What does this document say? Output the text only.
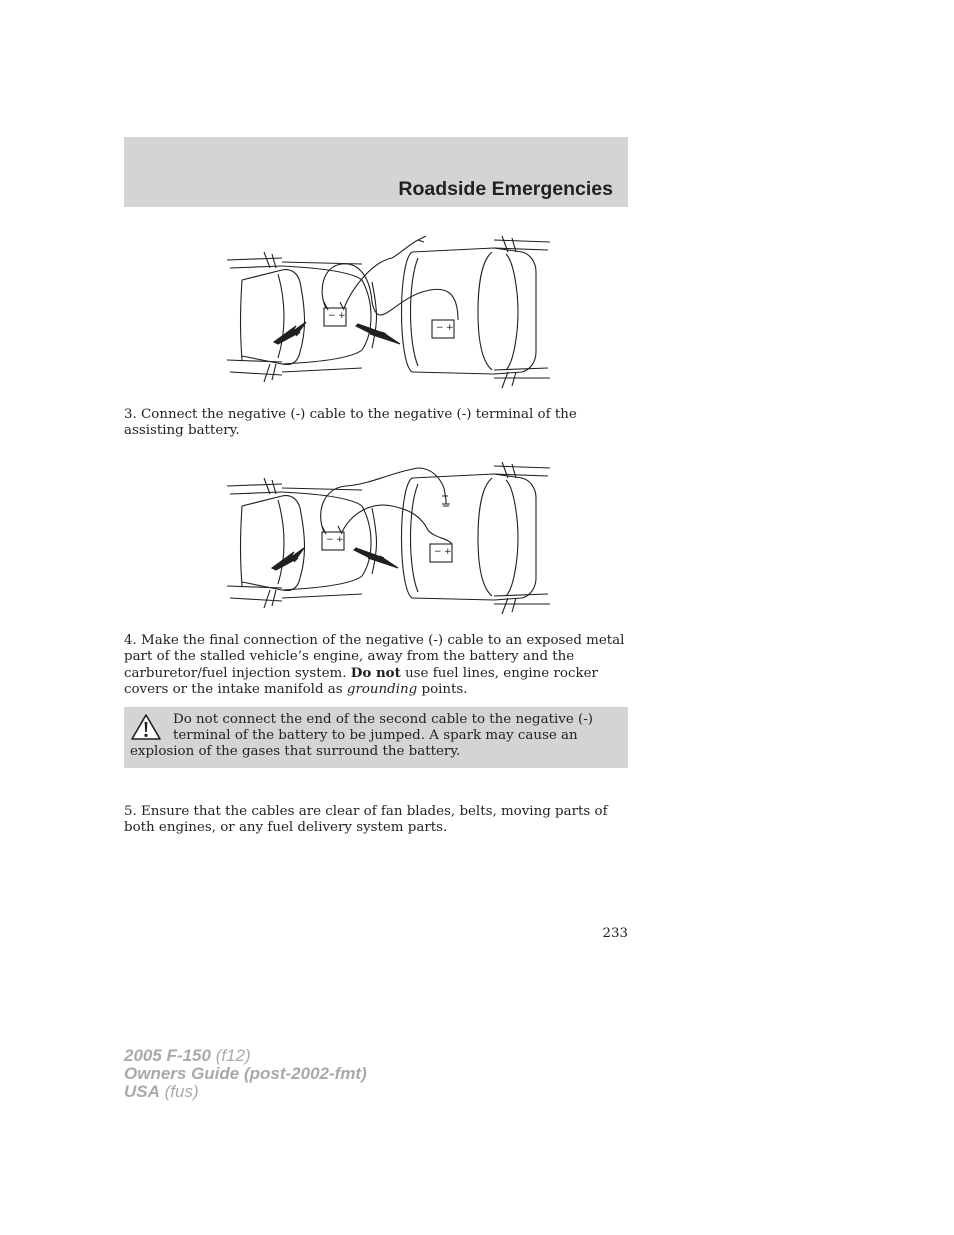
Roadside Emergencies
− +
− +

3. Connect the negative (-) cable to the negative (-) terminal of the assisting battery.

− +
− +

4. Make the final connection of the negative (-) cable to an exposed metal part of the stalled vehicle’s engine, away from the battery and the carburetor/fuel injection system. Do not use fuel lines, engine rocker covers or the intake manifold as grounding points.

Do not connect the end of the second cable to the negative (-) terminal of the battery to be jumped. A spark may cause an explosion of the gases that surround the battery.

5. Ensure that the cables are clear of fan blades, belts, moving parts of both engines, or any fuel delivery system parts.

233
2005 F-150 (f12)
Owners Guide (post-2002-fmt)
USA (fus)
